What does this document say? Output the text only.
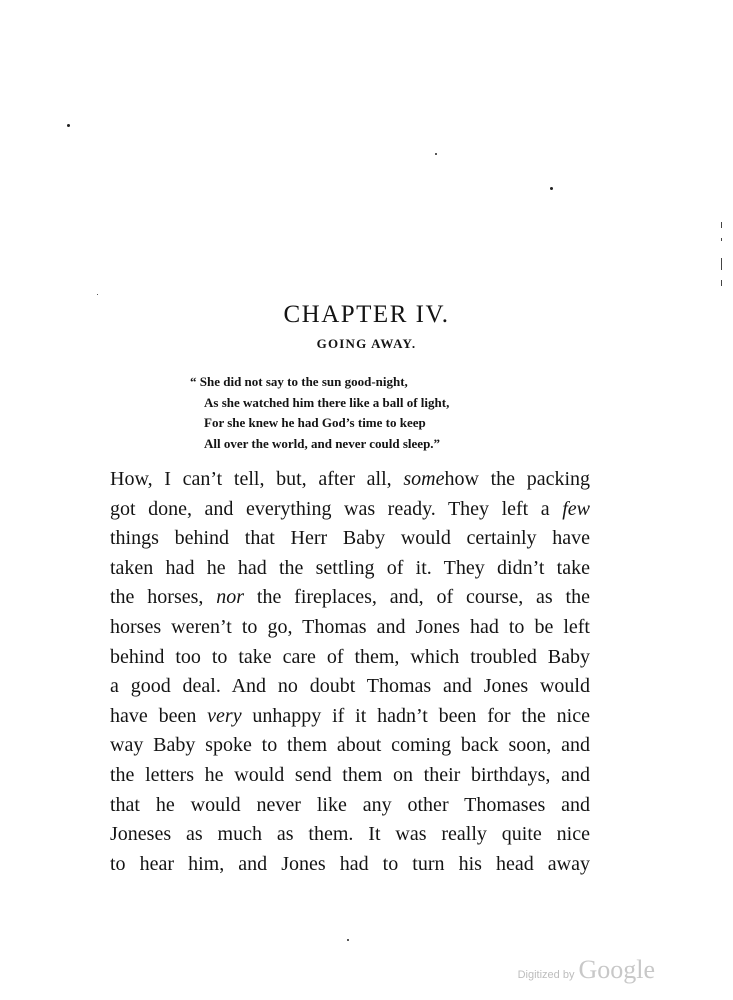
CHAPTER IV.
GOING AWAY.
“ She did not say to the sun good-night,
As she watched him there like a ball of light,
For she knew he had God’s time to keep
All over the world, and never could sleep.”
How, I can’t tell, but, after all, somehow the packing
got done, and everything was ready. They left a few
things behind that Herr Baby would certainly have
taken had he had the settling of it. They didn’t take
the horses, nor the fireplaces, and, of course, as the
horses weren’t to go, Thomas and Jones had to be left
behind too to take care of them, which troubled Baby
a good deal. And no doubt Thomas and Jones would
have been very unhappy if it hadn’t been for the nice
way Baby spoke to them about coming back soon, and
the letters he would send them on their birthdays, and
that he would never like any other Thomases and
Joneses as much as them. It was really quite nice
to hear him, and Jones had to turn his head away
Digitized by Google
